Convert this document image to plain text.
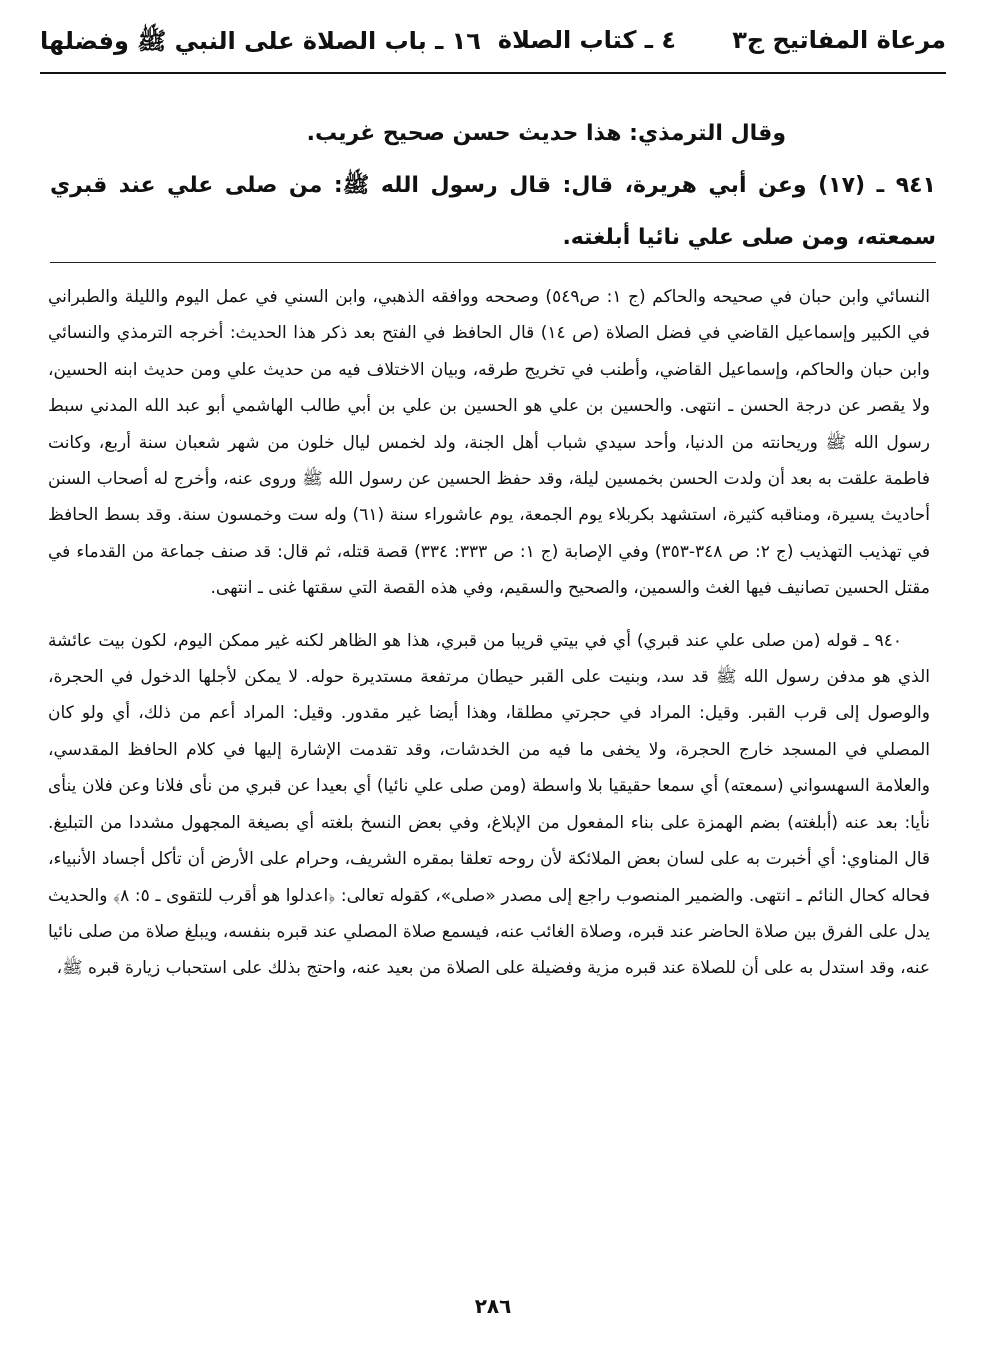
مرعاة المفاتيح ج٣
٤ ـ كتاب الصلاة
١٦ ـ باب الصلاة على النبي ﷺ وفضلها

وقال الترمذي: هذا حديث حسن صحيح غريب.

٩٤١ ـ (١٧) وعن أبي هريرة، قال: قال رسول الله ﷺ: من صلى علي عند قبري سمعته، ومن صلى علي نائيا أبلغته.

النسائي وابن حبان في صحيحه والحاكم (ج ١: ص٥٤٩) وصححه ووافقه الذهبي، وابن السني في عمل اليوم والليلة والطبراني في الكبير وإسماعيل القاضي في فضل الصلاة (ص ١٤) قال الحافظ في الفتح بعد ذكر هذا الحديث: أخرجه الترمذي والنسائي وابن حبان والحاكم، وإسماعيل القاضي، وأطنب في تخريج طرقه، وبيان الاختلاف فيه من حديث علي ومن حديث ابنه الحسين، ولا يقصر عن درجة الحسن ـ انتهى. والحسين بن علي هو الحسين بن علي بن أبي طالب الهاشمي أبو عبد الله المدني سبط رسول الله ﷺ وريحانته من الدنيا، وأحد سيدي شباب أهل الجنة، ولد لخمس ليال خلون من شهر شعبان سنة أربع، وكانت فاطمة علقت به بعد أن ولدت الحسن بخمسين ليلة، وقد حفظ الحسين عن رسول الله ﷺ وروى عنه، وأخرج له أصحاب السنن أحاديث يسيرة، ومناقبه كثيرة، استشهد بكربلاء يوم الجمعة، يوم عاشوراء سنة (٦١) وله ست وخمسون سنة. وقد بسط الحافظ في تهذيب التهذيب (ج ٢: ص ٣٤٨-٣٥٣) وفي الإصابة (ج ١: ص ٣٣٣: ٣٣٤) قصة قتله، ثم قال: قد صنف جماعة من القدماء في مقتل الحسين تصانيف فيها الغث والسمين، والصحيح والسقيم، وفي هذه القصة التي سقتها غنى ـ انتهى.

٩٤٠ ـ قوله (من صلى علي عند قبري) أي في بيتي قريبا من قبري، هذا هو الظاهر لكنه غير ممكن اليوم، لكون بيت عائشة الذي هو مدفن رسول الله ﷺ قد سد، وبنيت على القبر حيطان مرتفعة مستديرة حوله. لا يمكن لأجلها الدخول في الحجرة، والوصول إلى قرب القبر. وقيل: المراد في حجرتي مطلقا، وهذا أيضا غير مقدور. وقيل: المراد أعم من ذلك، أي ولو كان المصلي في المسجد خارج الحجرة، ولا يخفى ما فيه من الخدشات، وقد تقدمت الإشارة إليها في كلام الحافظ المقدسي، والعلامة السهسواني (سمعته) أي سمعا حقيقيا بلا واسطة (ومن صلى علي نائيا) أي بعيدا عن قبري من نأى فلانا وعن فلان ينأى نأيا: بعد عنه (أبلغته) بضم الهمزة على بناء المفعول من الإبلاغ، وفي بعض النسخ بلغته أي بصيغة المجهول مشددا من التبليغ. قال المناوي: أي أخبرت به على لسان بعض الملائكة لأن روحه تعلقا بمقره الشريف، وحرام على الأرض أن تأكل أجساد الأنبياء، فحاله كحال النائم ـ انتهى. والضمير المنصوب راجع إلى مصدر «صلى»، كقوله تعالى: ﴿اعدلوا هو أقرب للتقوى ـ ٥: ٨﴾ والحديث يدل على الفرق بين صلاة الحاضر عند قبره، وصلاة الغائب عنه، فيسمع صلاة المصلي عند قبره بنفسه، ويبلغ صلاة من صلى نائيا عنه، وقد استدل به على أن للصلاة عند قبره مزية وفضيلة على الصلاة من بعيد عنه، واحتج بذلك على استحباب زيارة قبره ﷺ،

٢٨٦
